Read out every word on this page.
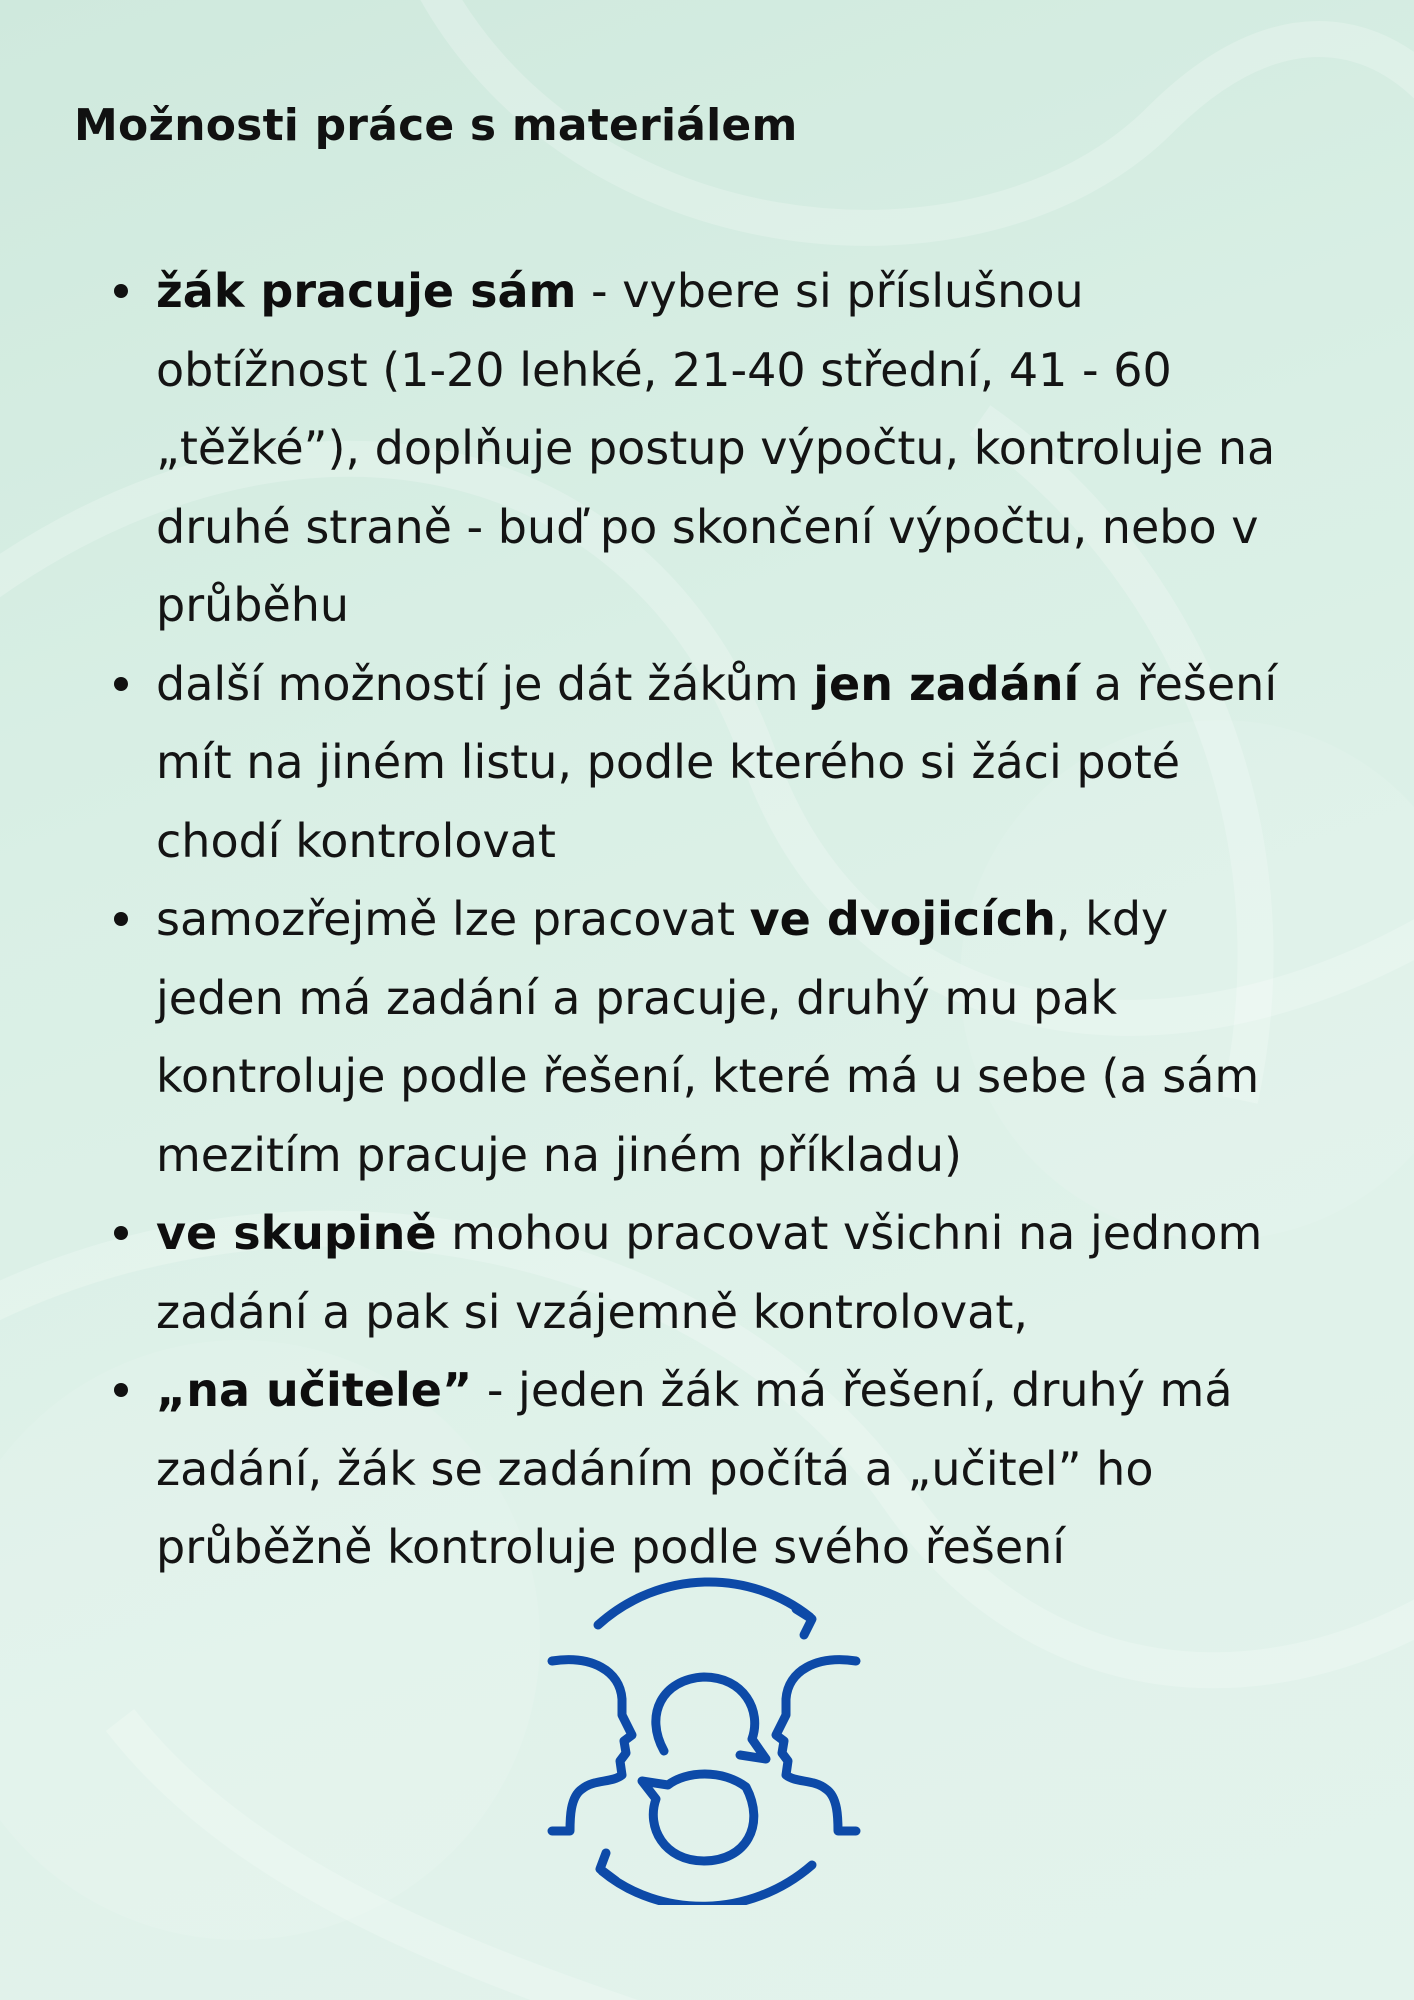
Možnosti práce s materiálem
žák pracuje sám - vybere si příslušnou obtížnost (1-20 lehké, 21-40 střední, 41 - 60 „těžké”), doplňuje postup výpočtu, kontroluje na druhé straně - buď po skončení výpočtu, nebo v průběhu
další možností je dát žákům jen zadání a řešení mít na jiném listu, podle kterého si žáci poté chodí kontrolovat
samozřejmě lze pracovat ve dvojicích, kdy jeden má zadání a pracuje, druhý mu pak kontroluje podle řešení, které má u sebe (a sám mezitím pracuje na jiném příkladu)
ve skupině mohou pracovat všichni na jednom zadání a pak si vzájemně kontrolovat,
„na učitele” - jeden žák má řešení, druhý má zadání, žák se zadáním počítá a „učitel” ho průběžně kontroluje podle svého řešení
